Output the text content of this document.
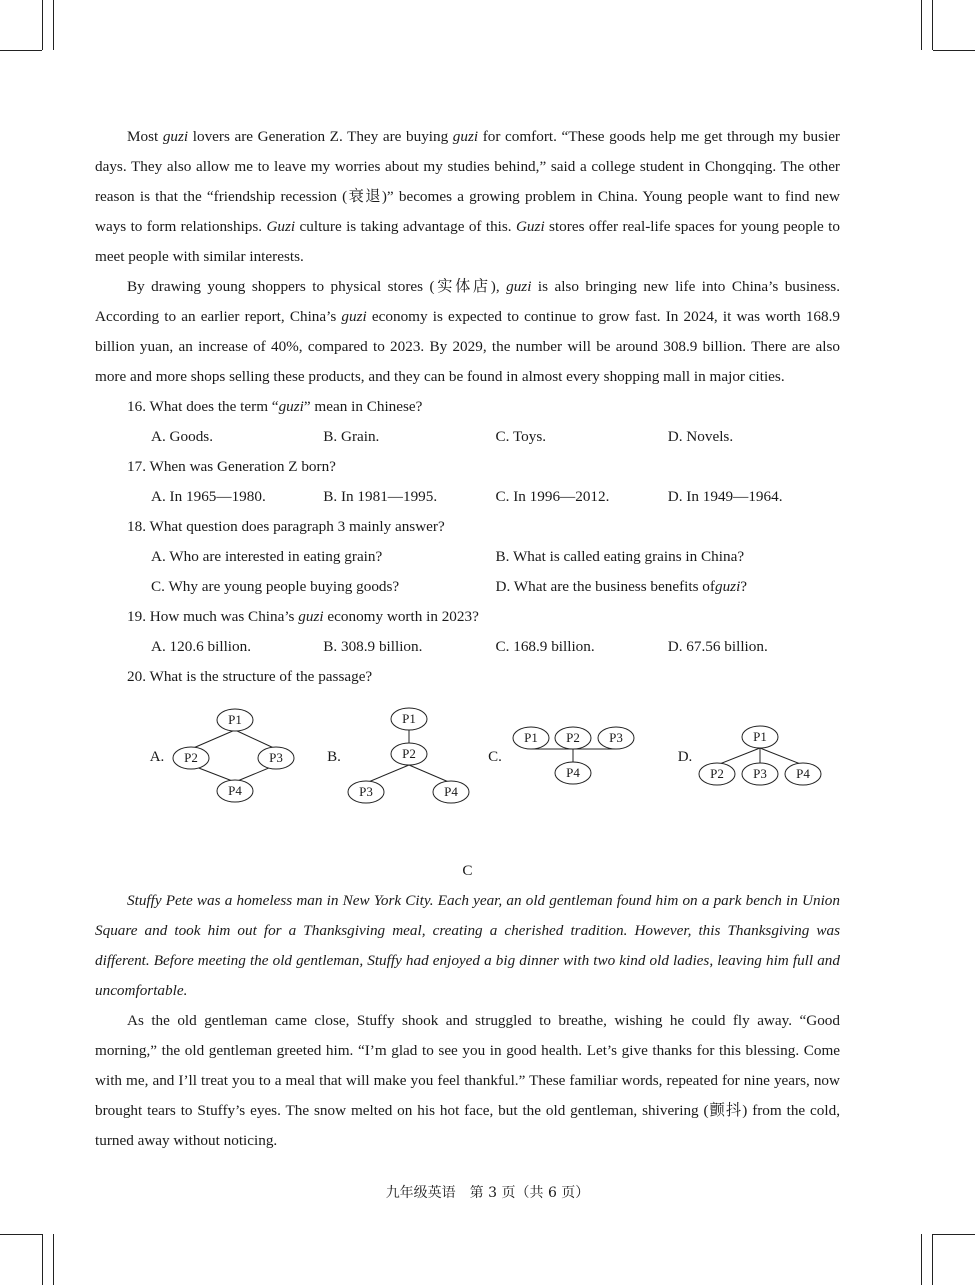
Most guzi lovers are Generation Z. They are buying guzi for comfort. “These goods help me get through my busier days. They also allow me to leave my worries about my studies behind,” said a college student in Chongqing. The other reason is that the “friendship recession (衰退)” becomes a growing problem in China. Young people want to find new ways to form relationships. Guzi culture is taking advantage of this. Guzi stores offer real-life spaces for young people to meet people with similar interests.

By drawing young shoppers to physical stores (实体店), guzi is also bringing new life into China’s business. According to an earlier report, China’s guzi economy is expected to continue to grow fast. In 2024, it was worth 168.9 billion yuan, an increase of 40%, compared to 2023. By 2029, the number will be around 308.9 billion. There are also more and more shops selling these products, and they can be found in almost every shopping mall in major cities.

16. What does the term “guzi” mean in Chinese?
A. Goods.	B. Grain.	C. Toys.	D. Novels.
17. When was Generation Z born?
A. In 1965—1980.	B. In 1981—1995.	C. In 1996—2012.	D. In 1949—1964.
18. What question does paragraph 3 mainly answer?
A. Who are interested in eating grain?	B. What is called eating grains in China?
C. Why are young people buying goods?	D. What are the business benefits ofguzi?
19. How much was China’s guzi economy worth in 2023?
A. 120.6 billion.	B. 308.9 billion.	C. 168.9 billion.	D. 67.56 billion.
20. What is the structure of the passage?
A.
P1
P2	P3
P4
B.
P1
P2
P3	P4
C.
P1 P2 P3
P4
D.
P1
P2 P3 P4
C

Stuffy Pete was a homeless man in New York City. Each year, an old gentleman found him on a park bench in Union Square and took him out for a Thanksgiving meal, creating a cherished tradition. However, this Thanksgiving was different. Before meeting the old gentleman, Stuffy had enjoyed a big dinner with two kind old ladies, leaving him full and uncomfortable.

As the old gentleman came close, Stuffy shook and struggled to breathe, wishing he could fly away. “Good morning,” the old gentleman greeted him. “I’m glad to see you in good health. Let’s give thanks for this blessing. Come with me, and I’ll treat you to a meal that will make you feel thankful.” These familiar words, repeated for nine years, now brought tears to Stuffy’s eyes. The snow melted on his hot face, but the old gentleman, shivering (颤抖) from the cold, turned away without noticing.

九年级英语　第 3 页（共 6 页）
